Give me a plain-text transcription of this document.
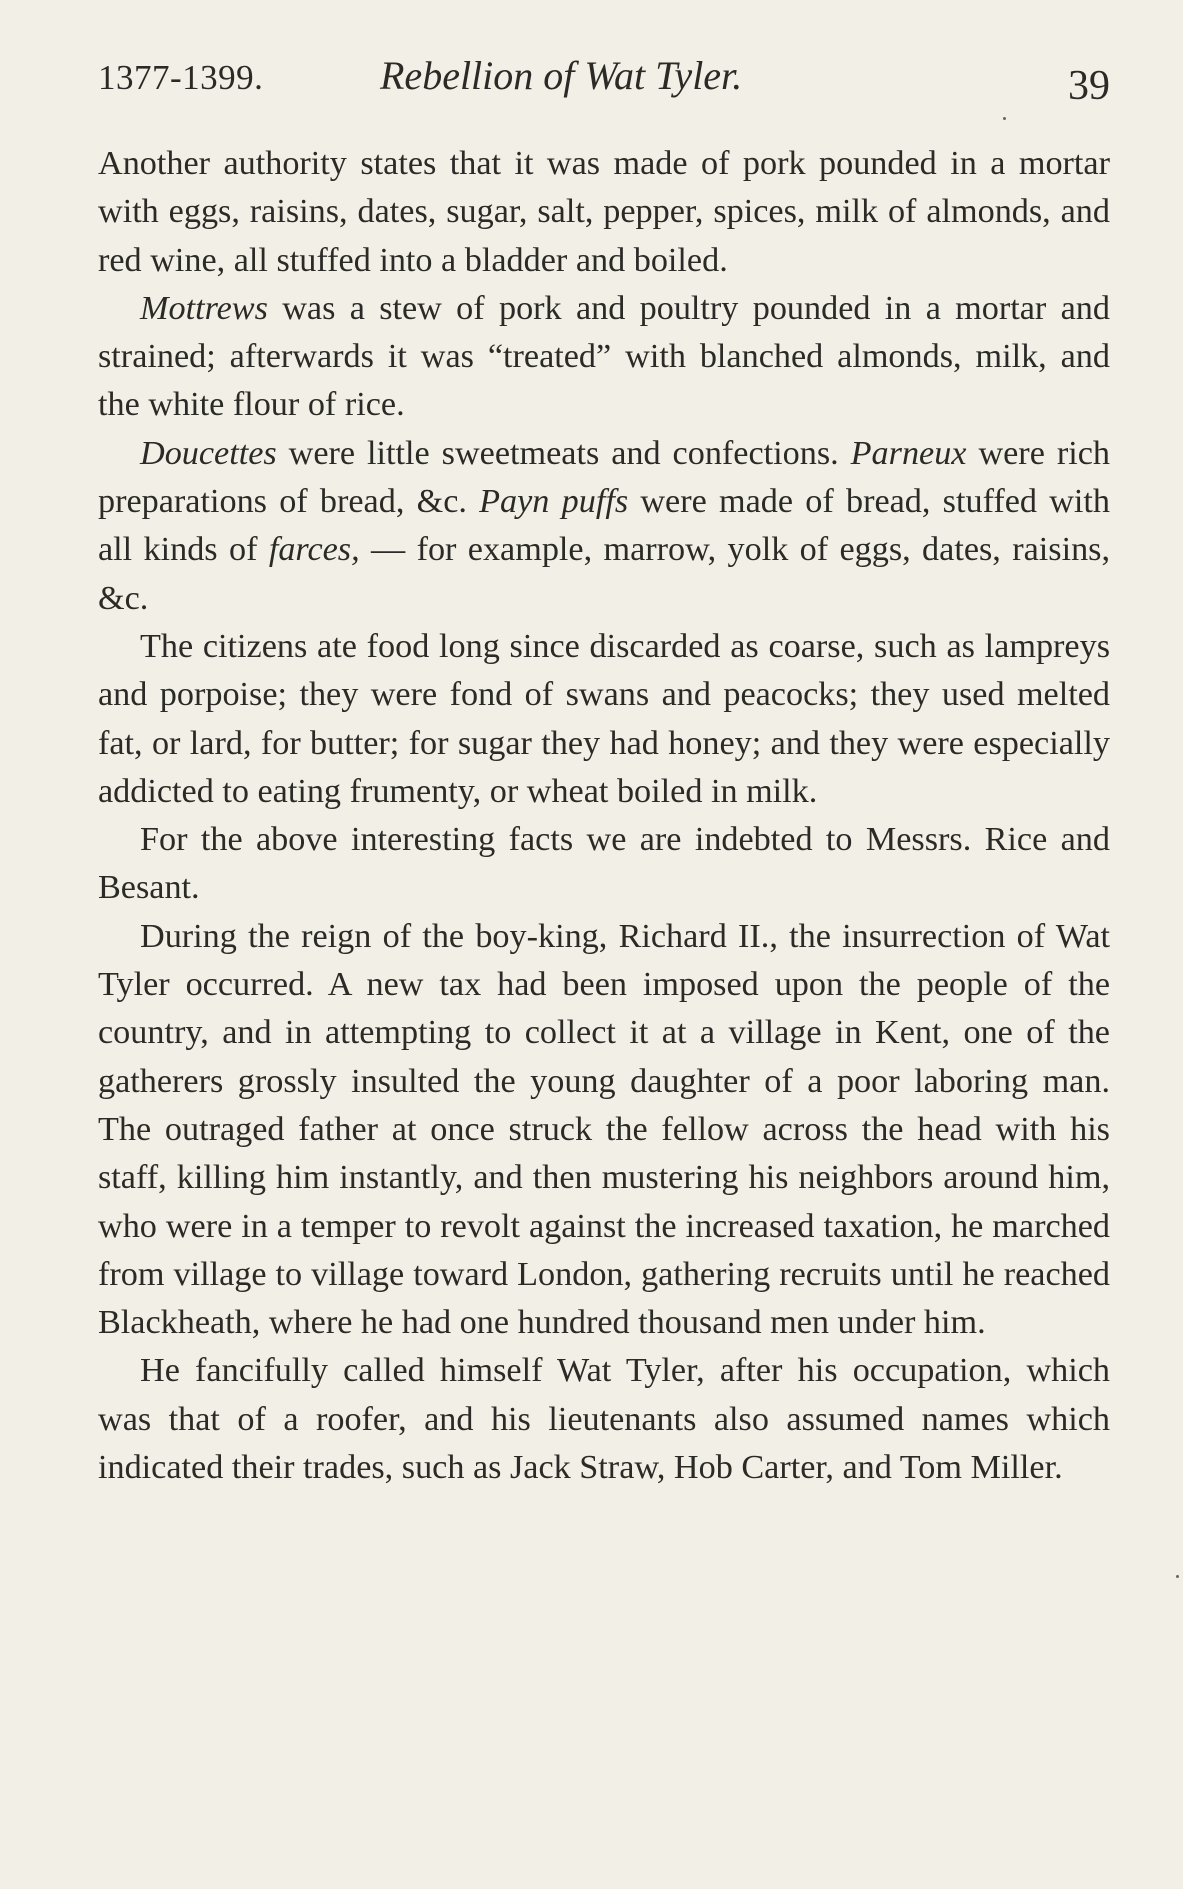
1377-1399.	Rebellion of Wat Tyler.	39

Another authority states that it was made of pork pounded in a mortar with eggs, raisins, dates, sugar, salt, pepper, spices, milk of almonds, and red wine, all stuffed into a bladder and boiled.

Mottrews was a stew of pork and poultry pounded in a mortar and strained; afterwards it was “treated” with blanched almonds, milk, and the white flour of rice.

Doucettes were little sweetmeats and confections. Parneux were rich preparations of bread, &c. Payn puffs were made of bread, stuffed with all kinds of farces, — for example, marrow, yolk of eggs, dates, raisins, &c.

The citizens ate food long since discarded as coarse, such as lampreys and porpoise; they were fond of swans and peacocks; they used melted fat, or lard, for butter; for sugar they had honey; and they were especially addicted to eating frumenty, or wheat boiled in milk.

For the above interesting facts we are indebted to Messrs. Rice and Besant.

During the reign of the boy-king, Richard II., the insurrection of Wat Tyler occurred. A new tax had been imposed upon the people of the country, and in attempting to collect it at a village in Kent, one of the gatherers grossly insulted the young daughter of a poor laboring man. The outraged father at once struck the fellow across the head with his staff, killing him instantly, and then mustering his neighbors around him, who were in a temper to revolt against the increased taxation, he marched from village to village toward London, gathering recruits until he reached Blackheath, where he had one hundred thousand men under him.

He fancifully called himself Wat Tyler, after his occupation, which was that of a roofer, and his lieutenants also assumed names which indicated their trades, such as Jack Straw, Hob Carter, and Tom Miller.
